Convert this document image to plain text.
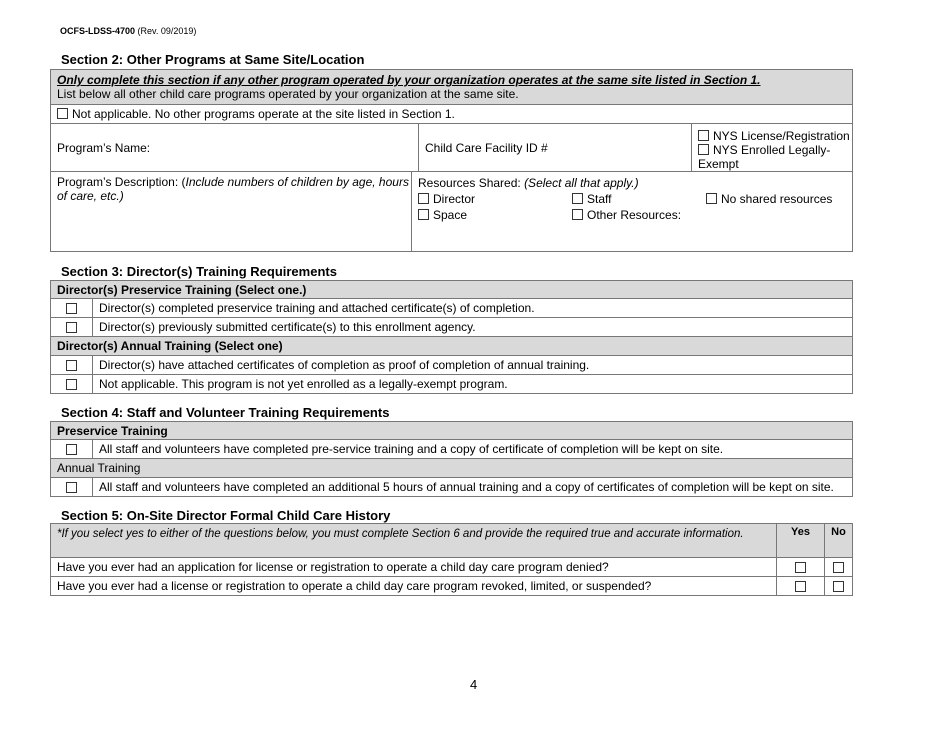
OCFS-LDSS-4700 (Rev. 09/2019)
Section 2: Other Programs at Same Site/Location
Only complete this section if any other program operated by your organization operates at the same site listed in Section 1.
List below all other child care programs operated by your organization at the same site.
Not applicable. No other programs operate at the site listed in Section 1.
Program’s Name:	Child Care Facility ID #
NYS License/Registration
NYS Enrolled Legally-
Exempt
Program’s Description: (Include numbers of children by age, hours of care, etc.)
Resources Shared: (Select all that apply.)
Director	Staff	No shared resources
Space	Other Resources:
Section 3: Director(s) Training Requirements
Director(s) Preservice Training (Select one.)
Director(s) completed preservice training and attached certificate(s) of completion.
Director(s) previously submitted certificate(s) to this enrollment agency.
Director(s) Annual Training (Select one)
Director(s) have attached certificates of completion as proof of completion of annual training.
Not applicable. This program is not yet enrolled as a legally-exempt program.
Section 4: Staff and Volunteer Training Requirements
Preservice Training
All staff and volunteers have completed pre-service training and a copy of certificate of completion will be kept on site.
Annual Training
All staff and volunteers have completed an additional 5 hours of annual training and a copy of certificates of completion will be kept on site.
Section 5: On-Site Director Formal Child Care History
*If you select yes to either of the questions below, you must complete Section 6 and provide the required true and accurate information.	Yes	No
Have you ever had an application for license or registration to operate a child day care program denied?
Have you ever had a license or registration to operate a child day care program revoked, limited, or suspended?
4
